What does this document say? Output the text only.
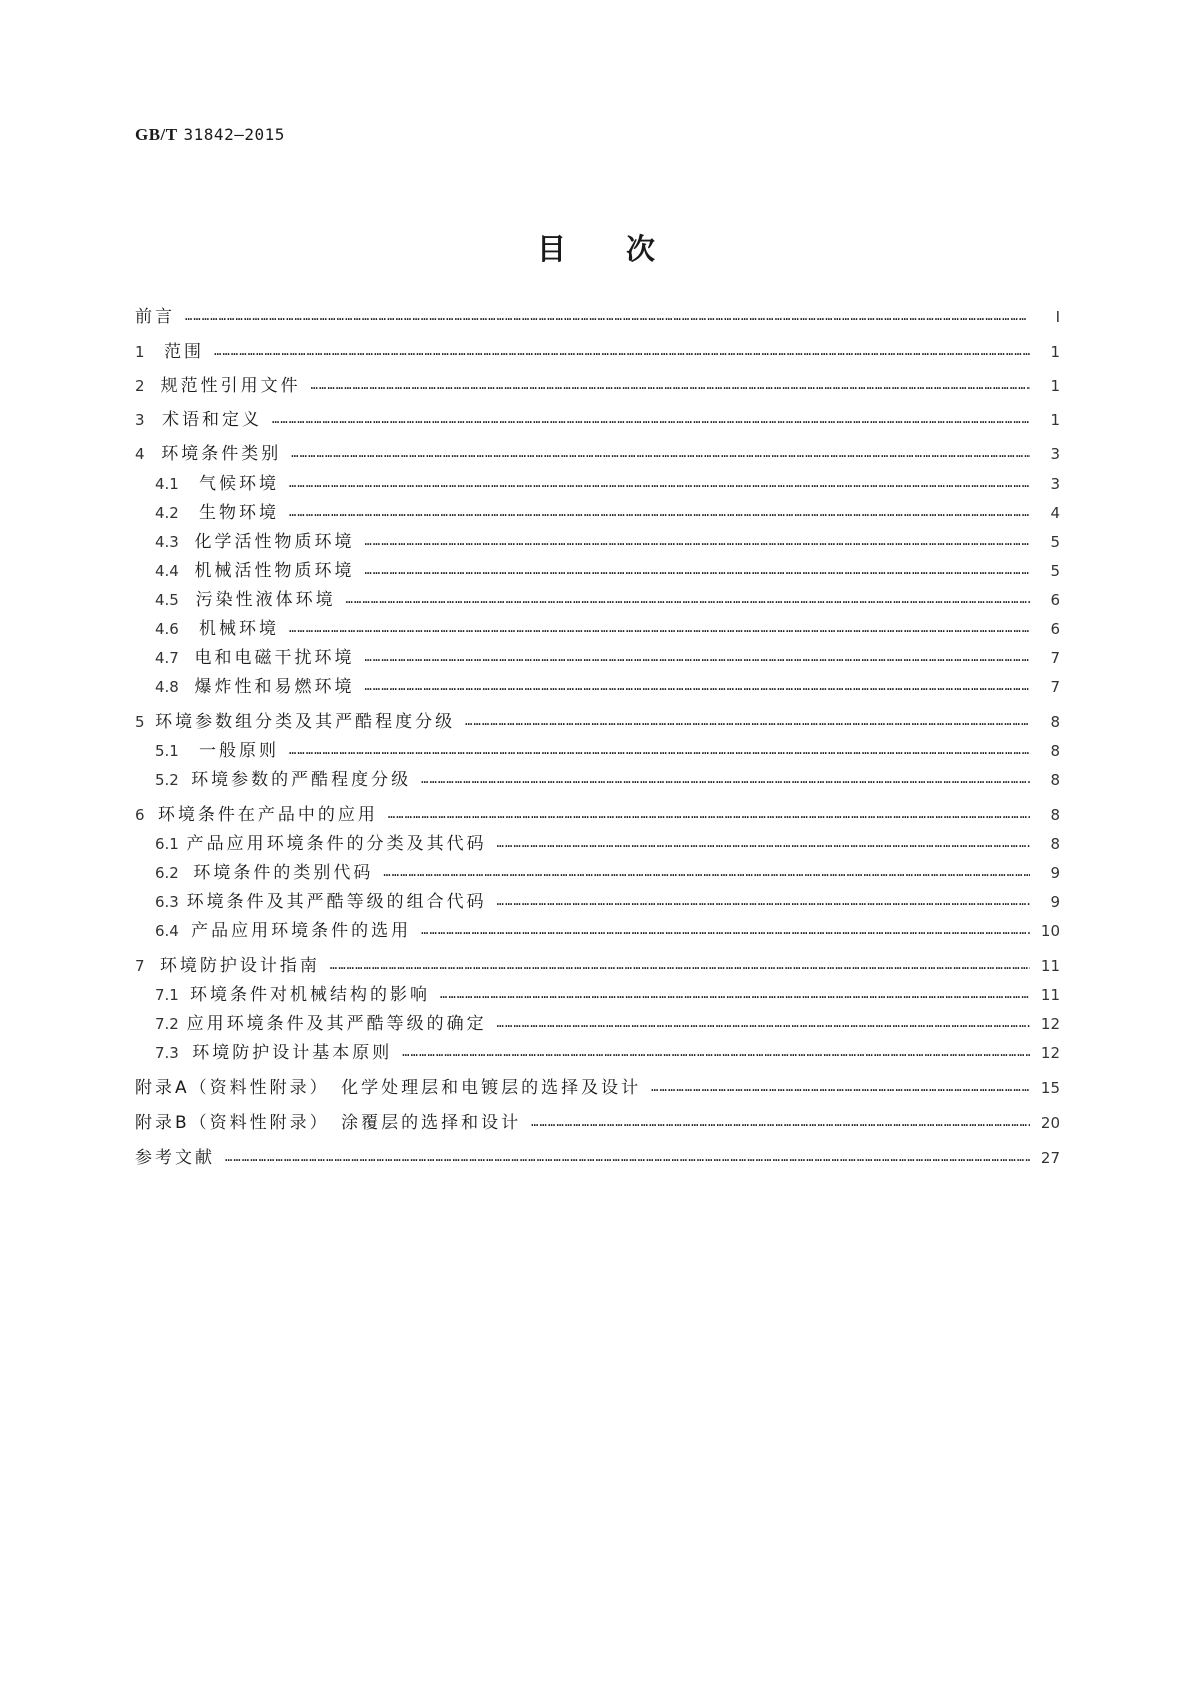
GB/T 31842—2015
目次
前言 …………………………………………………………………………………………………………………………………………………………………………………………………………………………………………………………………………	Ⅰ
1	范围 …………………………………………………………………………………………………………………………………………………………………………………………………………………………………………………………………………	1
2 规范性引用文件 …………………………………………………………………………………………………………………………………………………………………………………………………………………………………………………………………………	1
3	术语和定义 …………………………………………………………………………………………………………………………………………………………………………………………………………………………………………………………………………	1
4 环境条件类别 …………………………………………………………………………………………………………………………………………………………………………………………………………………………………………………………………………	3
4.1	气候环境 …………………………………………………………………………………………………………………………………………………………………………………………………………………………………………………………………………	3
4.2	生物环境 …………………………………………………………………………………………………………………………………………………………………………………………………………………………………………………………………………	4
4.3 化学活性物质环境 …………………………………………………………………………………………………………………………………………………………………………………………………………………………………………………………………………	5
4.4 机械活性物质环境 …………………………………………………………………………………………………………………………………………………………………………………………………………………………………………………………………………	5
4.5 污染性液体环境 …………………………………………………………………………………………………………………………………………………………………………………………………………………………………………………………………………	6
4.6	机械环境 …………………………………………………………………………………………………………………………………………………………………………………………………………………………………………………………………………	6
4.7 电和电磁干扰环境 …………………………………………………………………………………………………………………………………………………………………………………………………………………………………………………………………………	7
4.8 爆炸性和易燃环境 …………………………………………………………………………………………………………………………………………………………………………………………………………………………………………………………………………	7
5 环境参数组分类及其严酷程度分级 …………………………………………………………………………………………………………………………………………………………………………………………………………………………………………………………………………	8
5.1	一般原则 …………………………………………………………………………………………………………………………………………………………………………………………………………………………………………………………………………	8
5.2 环境参数的严酷程度分级 …………………………………………………………………………………………………………………………………………………………………………………………………………………………………………………………………………	8
6 环境条件在产品中的应用 …………………………………………………………………………………………………………………………………………………………………………………………………………………………………………………………………………	8
6.1 产品应用环境条件的分类及其代码 …………………………………………………………………………………………………………………………………………………………………………………………………………………………………………………………………………	8
6.2 环境条件的类别代码 …………………………………………………………………………………………………………………………………………………………………………………………………………………………………………………………………………	9
6.3 环境条件及其严酷等级的组合代码 …………………………………………………………………………………………………………………………………………………………………………………………………………………………………………………………………………	9
6.4 产品应用环境条件的选用 …………………………………………………………………………………………………………………………………………………………………………………………………………………………………………………………………………	10
7 环境防护设计指南 …………………………………………………………………………………………………………………………………………………………………………………………………………………………………………………………………………	11
7.1 环境条件对机械结构的影响 …………………………………………………………………………………………………………………………………………………………………………………………………………………………………………………………………………	11
7.2 应用环境条件及其严酷等级的确定 …………………………………………………………………………………………………………………………………………………………………………………………………………………………………………………………………………	12
7.3 环境防护设计基本原则 …………………………………………………………………………………………………………………………………………………………………………………………………………………………………………………………………………	12
附录A（资料性附录）　化学处理层和电镀层的选择及设计 …………………………………………………………………………………………………………………………………………………………………………………………………………………………………………………………………………	15
附录B（资料性附录）　涂覆层的选择和设计 …………………………………………………………………………………………………………………………………………………………………………………………………………………………………………………………………………	20
参考文献 …………………………………………………………………………………………………………………………………………………………………………………………………………………………………………………………………………	27
